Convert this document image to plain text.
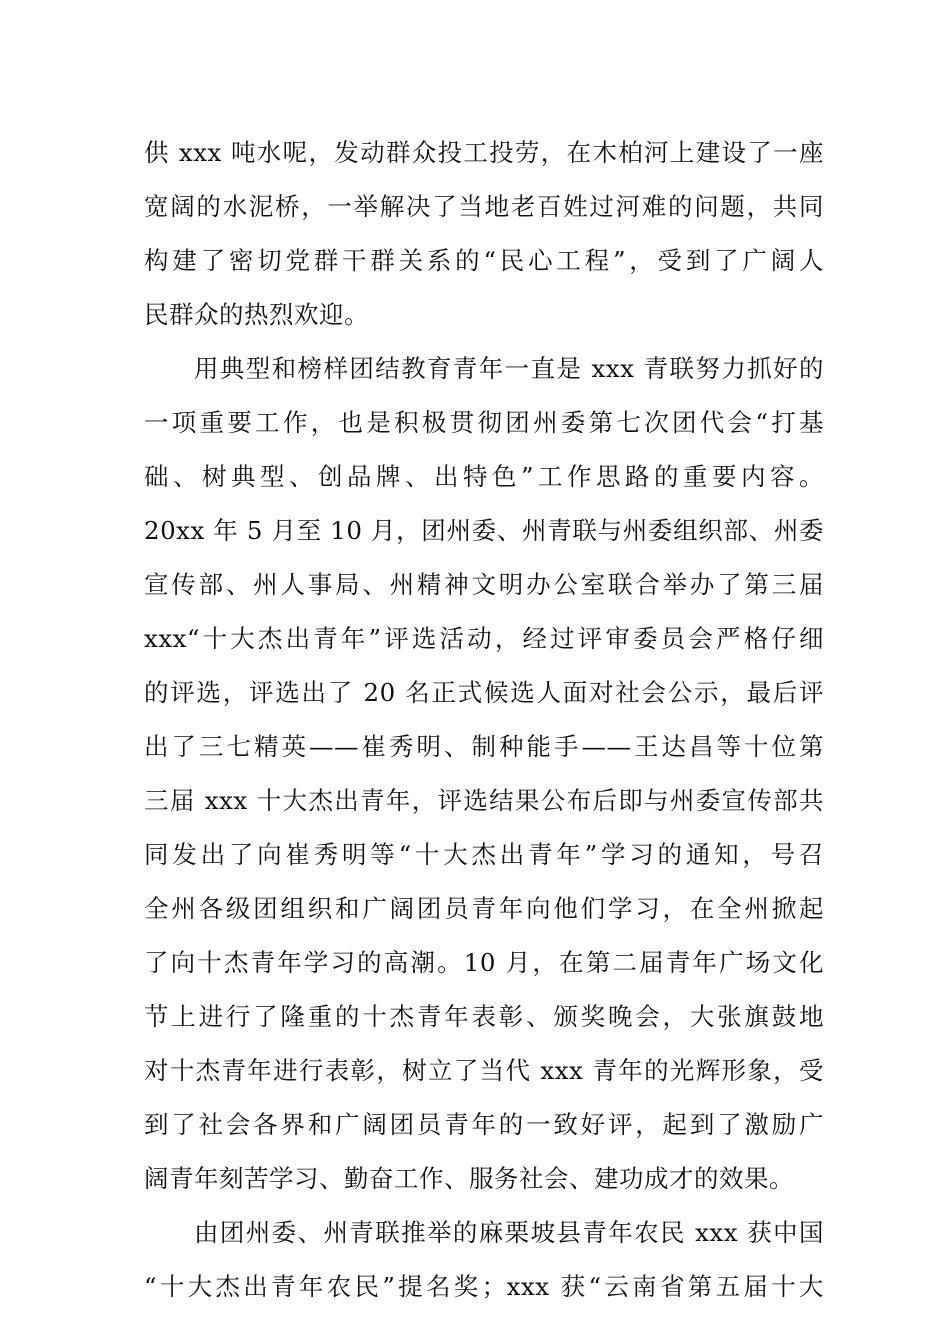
供 xxx 吨水呢，发动群众投工投劳，在木柏河上建设了一座
宽阔的水泥桥，一举解决了当地老百姓过河难的问题，共同
构建了密切党群干群关系的“民心工程”，受到了广阔人
民群众的热烈欢迎。
用典型和榜样团结教育青年一直是 xxx 青联努力抓好的
一项重要工作，也是积极贯彻团州委第七次团代会“打基
础、树典型、创品牌、出特色”工作思路的重要内容。
20xx 年 5 月至 10 月，团州委、州青联与州委组织部、州委
宣传部、州人事局、州精神文明办公室联合举办了第三届
xxx“十大杰出青年”评选活动，经过评审委员会严格仔细
的评选，评选出了 20 名正式候选人面对社会公示，最后评
出了三七精英——崔秀明、制种能手——王达昌等十位第
三届 xxx 十大杰出青年，评选结果公布后即与州委宣传部共
同发出了向崔秀明等“十大杰出青年”学习的通知，号召
全州各级团组织和广阔团员青年向他们学习，在全州掀起
了向十杰青年学习的高潮。10 月，在第二届青年广场文化
节上进行了隆重的十杰青年表彰、颁奖晚会，大张旗鼓地
对十杰青年进行表彰，树立了当代 xxx 青年的光辉形象，受
到了社会各界和广阔团员青年的一致好评，起到了激励广
阔青年刻苦学习、勤奋工作、服务社会、建功成才的效果。
由团州委、州青联推举的麻栗坡县青年农民 xxx 获中国
“十大杰出青年农民”提名奖；xxx 获“云南省第五届十大
